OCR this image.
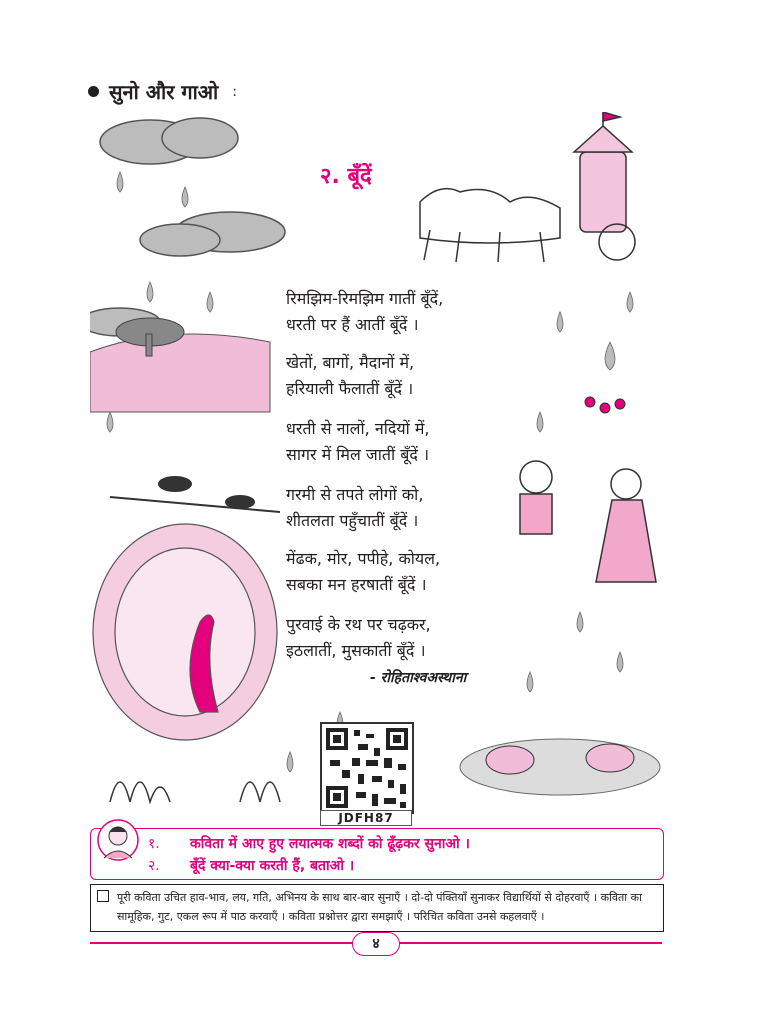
सुनो और गाओ :
२. बूँदें
रिमझिम-रिमझिम गातीं बूँदें,
धरती पर हैं आतीं बूँदें ।
खेतों, बागों, मैदानों में,
हरियाली फैलातीं बूँदें ।
धरती से नालों, नदियों में,
सागर में मिल जातीं बूँदें ।
गरमी से तपते लोगों को,
शीतलता पहुँचातीं बूँदें ।
मेंढक, मोर, पपीहे, कोयल,
सबका मन हरषातीं बूँदें ।
पुरवाई के रथ पर चढ़कर,
इठलातीं, मुसकातीं बूँदें ।
- रोहिताश्वअस्थाना
JDFH87
१. कविता में आए हुए लयात्मक शब्दों को ढूँढ़कर सुनाओ ।
२. बूँदें क्या-क्या करती हैं, बताओ ।
पूरी कविता उचित हाव-भाव, लय, गति, अभिनय के साथ बार-बार सुनाएँ । दो-दो पंक्तियाँ सुनाकर विद्यार्थियों से दोहरवाएँ । कविता का सामूहिक, गुट, एकल रूप में पाठ करवाएँ । कविता प्रश्नोत्तर द्वारा समझाएँ । परिचित कविता उनसे कहलवाएँ ।
४
